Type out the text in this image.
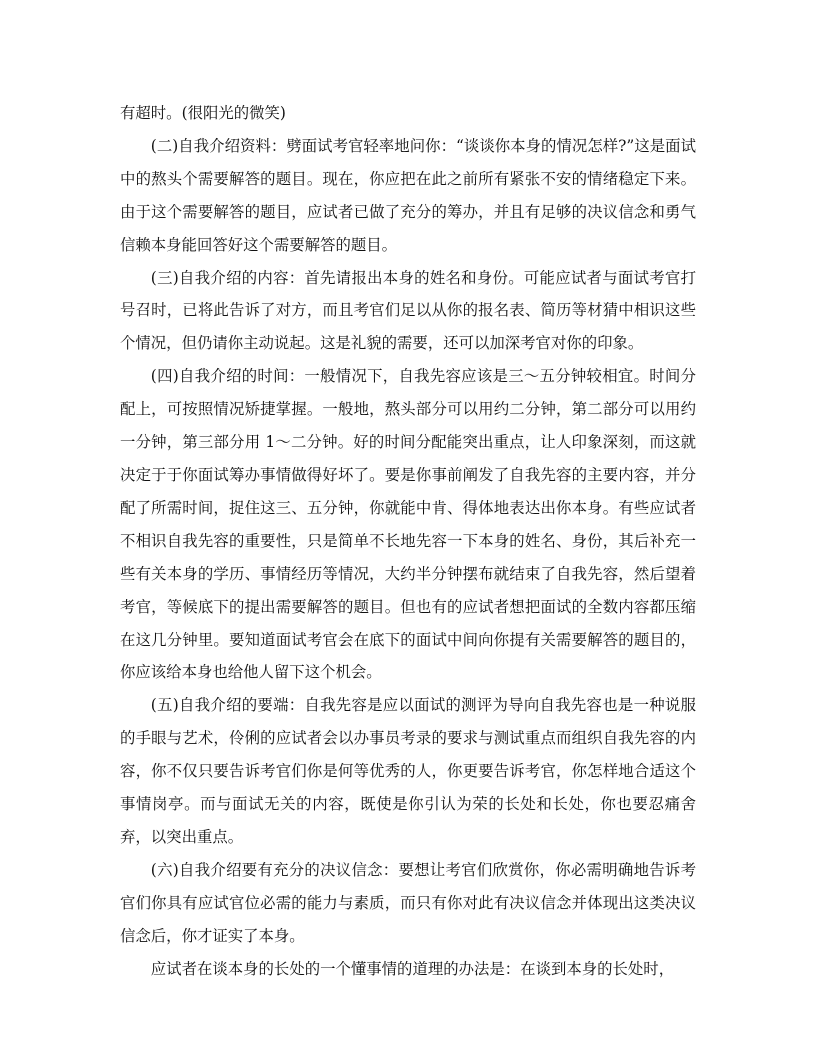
有超时。(很阳光的微笑)

(二)自我介绍资料：劈面试考官轻率地问你：“谈谈你本身的情况怎样?”这是面试中的熬头个需要解答的题目。现在，你应把在此之前所有紧张不安的情绪稳定下来。由于这个需要解答的题目，应试者已做了充分的筹办，并且有足够的决议信念和勇气信赖本身能回答好这个需要解答的题目。

(三)自我介绍的内容：首先请报出本身的姓名和身份。可能应试者与面试考官打号召时，已将此告诉了对方，而且考官们足以从你的报名表、简历等材猜中相识这些个情况，但仍请你主动说起。这是礼貌的需要，还可以加深考官对你的印象。

(四)自我介绍的时间：一般情况下，自我先容应该是三～五分钟较相宜。时间分配上，可按照情况矫捷掌握。一般地，熬头部分可以用约二分钟，第二部分可以用约一分钟，第三部分用 1～二分钟。好的时间分配能突出重点，让人印象深刻，而这就决定于于你面试筹办事情做得好坏了。要是你事前阐发了自我先容的主要内容，并分配了所需时间，捉住这三、五分钟，你就能中肯、得体地表达出你本身。有些应试者不相识自我先容的重要性，只是简单不长地先容一下本身的姓名、身份，其后补充一些有关本身的学历、事情经历等情况，大约半分钟摆布就结束了自我先容，然后望着考官，等候底下的提出需要解答的题目。但也有的应试者想把面试的全数内容都压缩在这几分钟里。要知道面试考官会在底下的面试中间向你提有关需要解答的题目的，你应该给本身也给他人留下这个机会。

(五)自我介绍的要端：自我先容是应以面试的测评为导向自我先容也是一种说服的手眼与艺术，伶俐的应试者会以办事员考录的要求与测试重点而组织自我先容的内容，你不仅只要告诉考官们你是何等优秀的人，你更要告诉考官，你怎样地合适这个事情岗亭。而与面试无关的内容，既使是你引认为荣的长处和长处，你也要忍痛舍弃，以突出重点。

(六)自我介绍要有充分的决议信念：要想让考官们欣赏你，你必需明确地告诉考官们你具有应试官位必需的能力与素质，而只有你对此有决议信念并体现出这类决议信念后，你才证实了本身。

应试者在谈本身的长处的一个懂事情的道理的办法是：在谈到本身的长处时，
